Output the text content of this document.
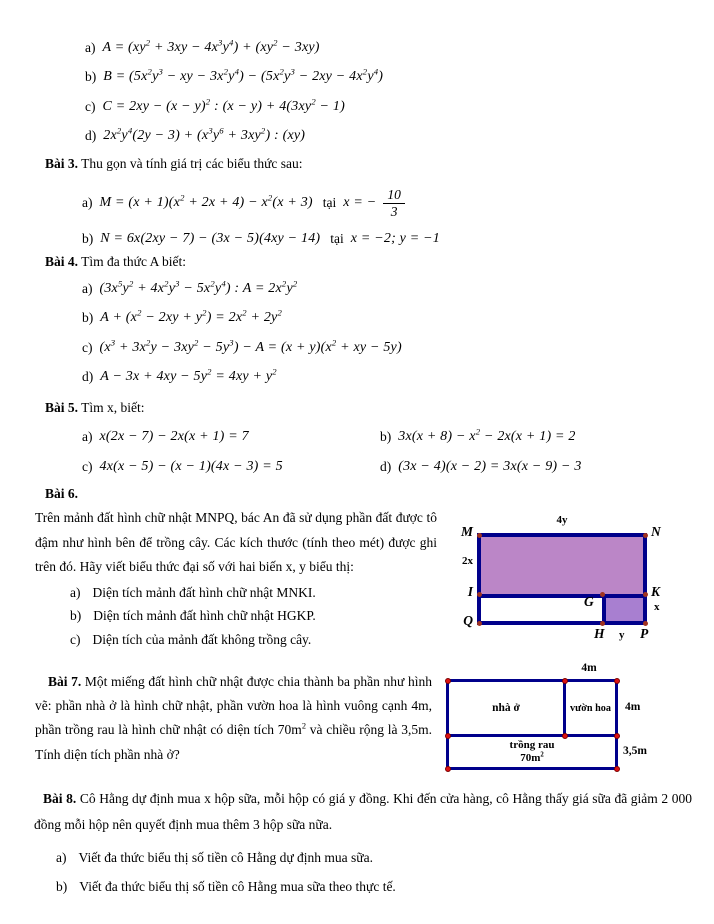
a) $A = (xy^2 + 3xy - 4x^3y^4) + (xy^2 - 3xy)$
b) $B = (5x^2y^3$ − xy − $3x^2y^4) - (5x^2y^3 - 2xy - 4x^2y^4)$
c) $C = 2xy - (x - y)^2$ : $(x - y) + 4(3xy^2 - 1)$
d) $2x^2y^4(2y - 3) + (x^3y^6 + 3xy^2)$ : (xy)
Bài 3. Thu gọn và tính giá trị các biểu thức sau:
a) $M = (x + 1)(x^2 + 2x + 4) - x^2(x + 3)$ tại x = − $\frac{10}{3}$
b) N = 6x(2xy − 7) − (3x − 5)(4xy − 14) tại x = −2; y = −1
Bài 4. Tìm đa thức A biết:
a) $(3x^5y^2 + 4x^2y^3 - 5x^2y^4)$ : $A = 2x^2y^2$
b) $A + (x^2 - 2xy + y^2) = 2x^2 + 2y^2$
c) $(x^3 + 3x^2y - 3xy^2 - 5y^3) - A = (x + y)(x^2$ + xy − 5y)
d) $A - 3x + 4xy - 5y^2 = 4xy + y^2$
Bài 5. Tìm x, biết:
a) x(2x − 7) − 2x(x + 1) = 7	b) $3x(x + 8) - x^2 - 2x(x + 1) = 2$
c) 4x(x − 5) − (x − 1)(4x − 3) = 5	d) (3x − 4)(x − 2) = 3x(x − 9) − 3
Bài 6.
Trên mảnh đất hình chữ nhật MNPQ, bác An đã sử dụng phần đất được tô đậm như hình bên để trồng cây. Các kích thước (tính theo mét) được ghi trên đó. Hãy viết biểu thức đại số với hai biến x, y biểu thị:
a) Diện tích mảnh đất hình chữ nhật MNKI.
b) Diện tích mảnh đất hình chữ nhật HGKP.
c) Diện tích của mảnh đất không trồng cây.
M	N
4y
2x
I	K
x
G
Q
H y P
Bài 7. Một miếng đất hình chữ nhật được chia thành ba phần như hình vẽ: phần nhà ở là hình chữ nhật, phần vườn hoa là hình vuông cạnh 4m, phần trồng rau là hình chữ nhật có diện tích $70m^2$ và chiều rộng là 3,5m. Tính diện tích phần nhà ở?
nhà ở	vườn hoa
trồng rau
$70m^2$
4m
4m
3,5m
Bài 8. Cô Hằng dự định mua x hộp sữa, mỗi hộp có giá y đồng. Khi đến cửa hàng, cô Hằng thấy giá sữa đã giảm 2 000 đồng mỗi hộp nên quyết định mua thêm 3 hộp sữa nữa.
a) Viết đa thức biểu thị số tiền cô Hằng dự định mua sữa.
b) Viết đa thức biểu thị số tiền cô Hằng mua sữa theo thực tế.
